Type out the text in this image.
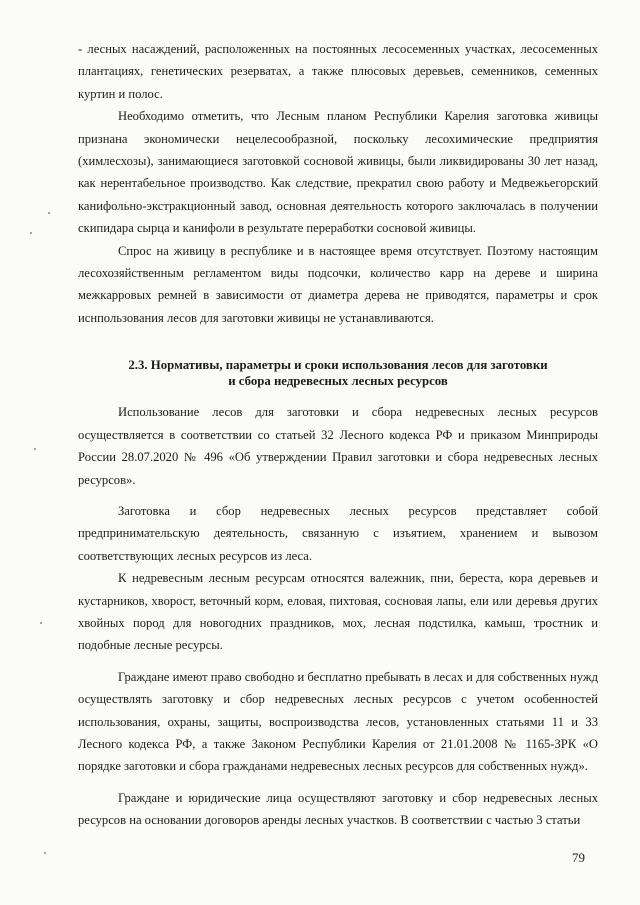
- лесных насаждений, расположенных на постоянных лесосеменных участках, лесосеменных плантациях, генетических резерватах, а также плюсовых деревьев, семенников, семенных куртин и полос.

Необходимо отметить, что Лесным планом Республики Карелия заготовка живицы признана экономически нецелесообразной, поскольку лесохимические предприятия (химлесхозы), занимающиеся заготовкой сосновой живицы, были ликвидированы 30 лет назад, как нерентабельное производство. Как следствие, прекратил свою работу и Медвежьегорский канифольно-экстракционный завод, основная деятельность которого заключалась в получении скипидара сырца и канифоли в результате переработки сосновой живицы.

Спрос на живицу в республике и в настоящее время отсутствует. Поэтому настоящим лесохозяйственным регламентом виды подсочки, количество карр на дереве и ширина межкарровых ремней в зависимости от диаметра дерева не приводятся, параметры и срок иснпользования лесов для заготовки живицы не устанавливаются.

2.3. Нормативы, параметры и сроки использования лесов для заготовки
и сбора недревесных лесных ресурсов

Использование лесов для заготовки и сбора недревесных лесных ресурсов осуществляется в соответствии со статьей 32 Лесного кодекса РФ и приказом Минприроды России 28.07.2020 № 496 «Об утверждении Правил заготовки и сбора недревесных лесных ресурсов».

Заготовка и сбор недревесных лесных ресурсов представляет собой предпринимательскую деятельность, связанную с изъятием, хранением и вывозом соответствующих лесных ресурсов из леса.

К недревесным лесным ресурсам относятся валежник, пни, береста, кора деревьев и кустарников, хворост, веточный корм, еловая, пихтовая, сосновая лапы, ели или деревья других хвойных пород для новогодних праздников, мох, лесная подстилка, камыш, тростник и подобные лесные ресурсы.

Граждане имеют право свободно и бесплатно пребывать в лесах и для собственных нужд осуществлять заготовку и сбор недревесных лесных ресурсов с учетом особенностей использования, охраны, защиты, воспроизводства лесов, установленных статьями 11 и 33 Лесного кодекса РФ, а также Законом Республики Карелия от 21.01.2008 № 1165-ЗРК «О порядке заготовки и сбора гражданами недревесных лесных ресурсов для собственных нужд».

Граждане и юридические лица осуществляют заготовку и сбор недревесных лесных ресурсов на основании договоров аренды лесных участков. В соответствии с частью 3 статьи

79
